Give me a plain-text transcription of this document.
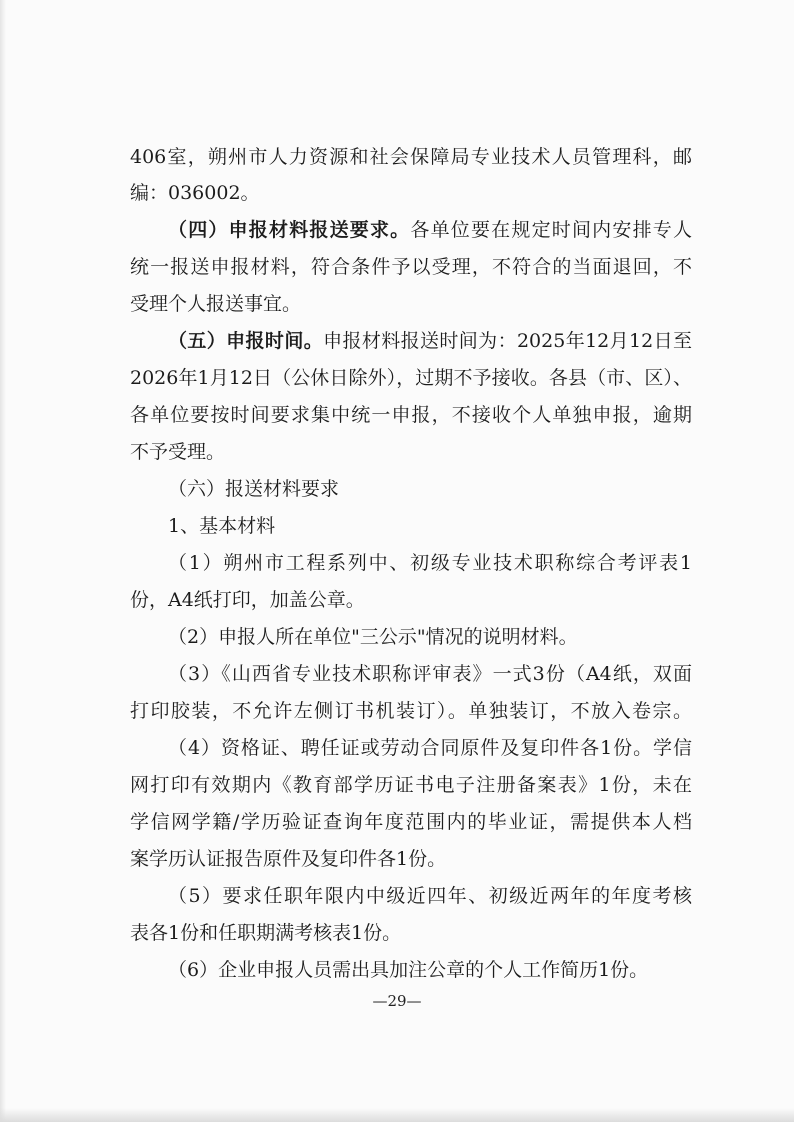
406室，朔州市人力资源和社会保障局专业技术人员管理科，邮
编：036002。
（四）申报材料报送要求。各单位要在规定时间内安排专人
统一报送申报材料，符合条件予以受理，不符合的当面退回，不
受理个人报送事宜。
（五）申报时间。申报材料报送时间为：2025年12月12日至
2026年1月12日（公休日除外），过期不予接收。各县（市、区）、
各单位要按时间要求集中统一申报，不接收个人单独申报，逾期
不予受理。
（六）报送材料要求
1、基本材料
（1）朔州市工程系列中、初级专业技术职称综合考评表1
份，A4纸打印，加盖公章。
（2）申报人所在单位"三公示"情况的说明材料。
（3）《山西省专业技术职称评审表》一式3份（A4纸，双面
打印胶装，不允许左侧订书机装订）。单独装订，不放入卷宗。
（4）资格证、聘任证或劳动合同原件及复印件各1份。学信
网打印有效期内《教育部学历证书电子注册备案表》1份，未在
学信网学籍/学历验证查询年度范围内的毕业证，需提供本人档
案学历认证报告原件及复印件各1份。
（5）要求任职年限内中级近四年、初级近两年的年度考核
表各1份和任职期满考核表1份。
（6）企业申报人员需出具加注公章的个人工作简历1份。
—29—
